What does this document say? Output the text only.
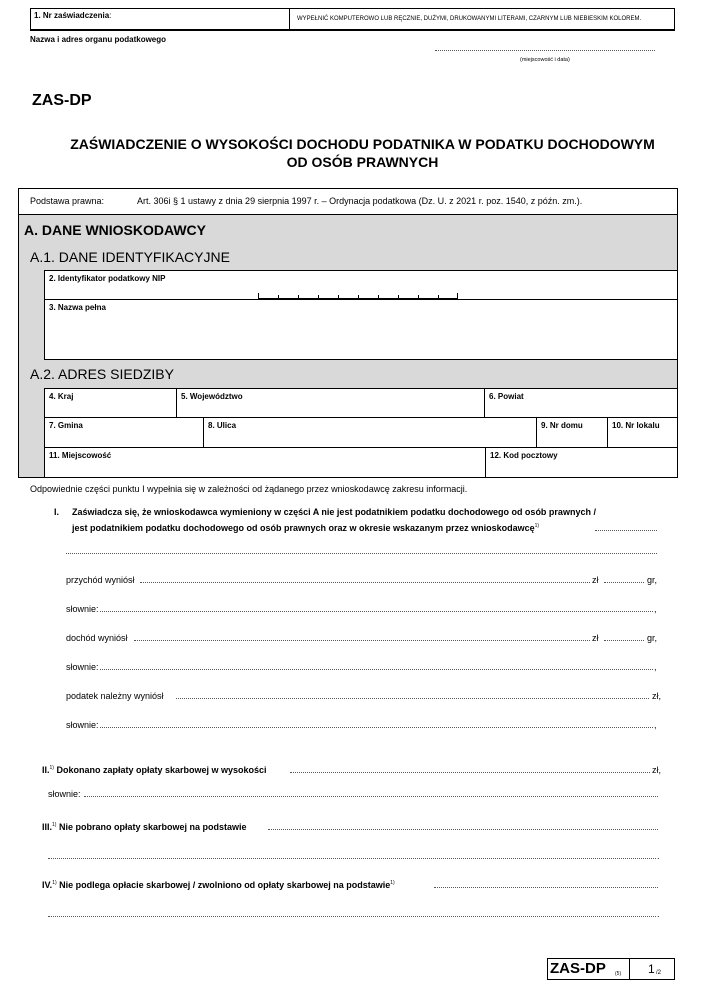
1. Nr zaświadczenia:	WYPEŁNIĆ KOMPUTEROWO LUB RĘCZNIE, DUŻYMI, DRUKOWANYMI LITERAMI, CZARNYM LUB NIEBIESKIM KOLOREM.
Nazwa i adres organu podatkowego
(miejscowość i data)
ZAS-DP
ZAŚWIADCZENIE O WYSOKOŚCI DOCHODU PODATNIKA W PODATKU DOCHODOWYM
OD OSÓB PRAWNYCH
Podstawa prawna:	Art. 306i § 1 ustawy z dnia 29 sierpnia 1997 r. – Ordynacja podatkowa (Dz. U. z 2021 r. poz. 1540, z późn. zm.).
A. DANE WNIOSKODAWCY
A.1. DANE IDENTYFIKACYJNE
2. Identyfikator podatkowy NIP
3. Nazwa pełna
A.2. ADRES SIEDZIBY
4. Kraj	5. Województwo	6. Powiat
7. Gmina	8. Ulica	9. Nr domu	10. Nr lokalu
11. Miejscowość	12. Kod pocztowy
Odpowiednie części punktu I wypełnia się w zależności od żądanego przez wnioskodawcę zakresu informacji.
I. Zaświadcza się, że wnioskodawca wymieniony w części A nie jest podatnikiem podatku dochodowego od osób prawnych /
jest podatnikiem podatku dochodowego od osób prawnych oraz w okresie wskazanym przez wnioskodawcę$^{1)}$
przychód wyniósł	zł	gr,
słownie:	,
dochód wyniósł	zł	gr,
słownie:	,
podatek należny wyniósł	zł,
słownie:	,
II.$^{1)}$ Dokonano zapłaty opłaty skarbowej w wysokości	zł,
słownie:
III.$^{1)}$ Nie pobrano opłaty skarbowej na podstawie
.
IV.$^{1)}$ Nie podlega opłacie skarbowej / zwolniono od opłaty skarbowej na podstawie$^{1)}$
.
ZAS-DP (5) 1 /2
